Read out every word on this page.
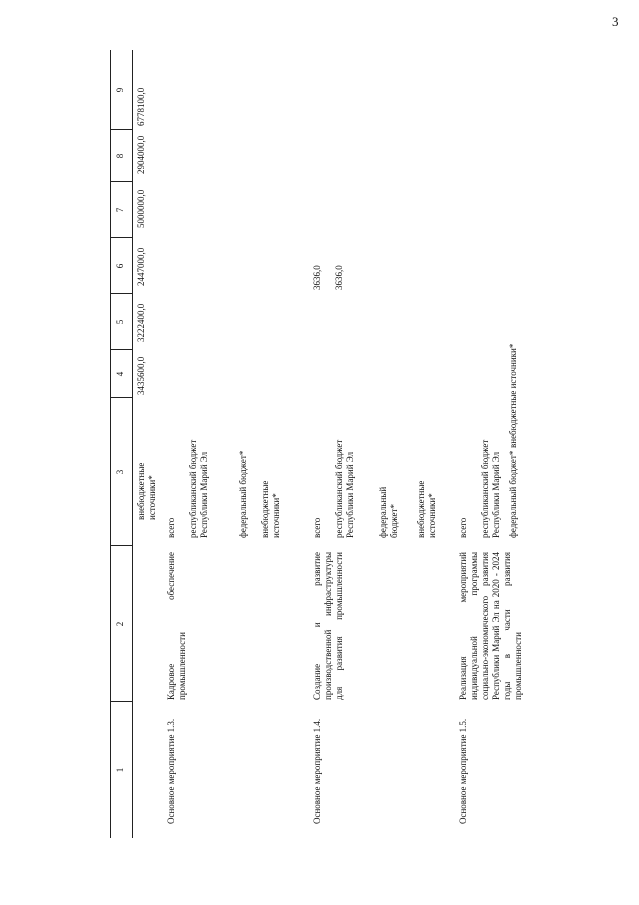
3
1
2
3
4
5
6
7
8
9
внебюджетные источники*
3435600,0
3222400,0
2447000,0
5000000,0
2904000,0
6778100,0
Основное мероприятие 1.3.
Кадровое обеспечение промышленности
всего республиканский бюджет Республики Марий Эл	федеральный бюджет* внебюджетные источники*
Основное мероприятие 1.4.
Создание и развитие производственной инфраструктуры для развития промышленности
всего республиканский бюджет Республики Марий Эл	федеральный бюджет* внебюджетные источники*
3636,0 3636,0
Основное мероприятие 1.5.
Реализация мероприятий индивидуальной программы социально-экономического развития Республики Марий Эл на 2020 - 2024 годы в части развития промышленности
всего республиканский бюджет Республики Марий Эл федеральный бюджет*
внебюджетные источники*
